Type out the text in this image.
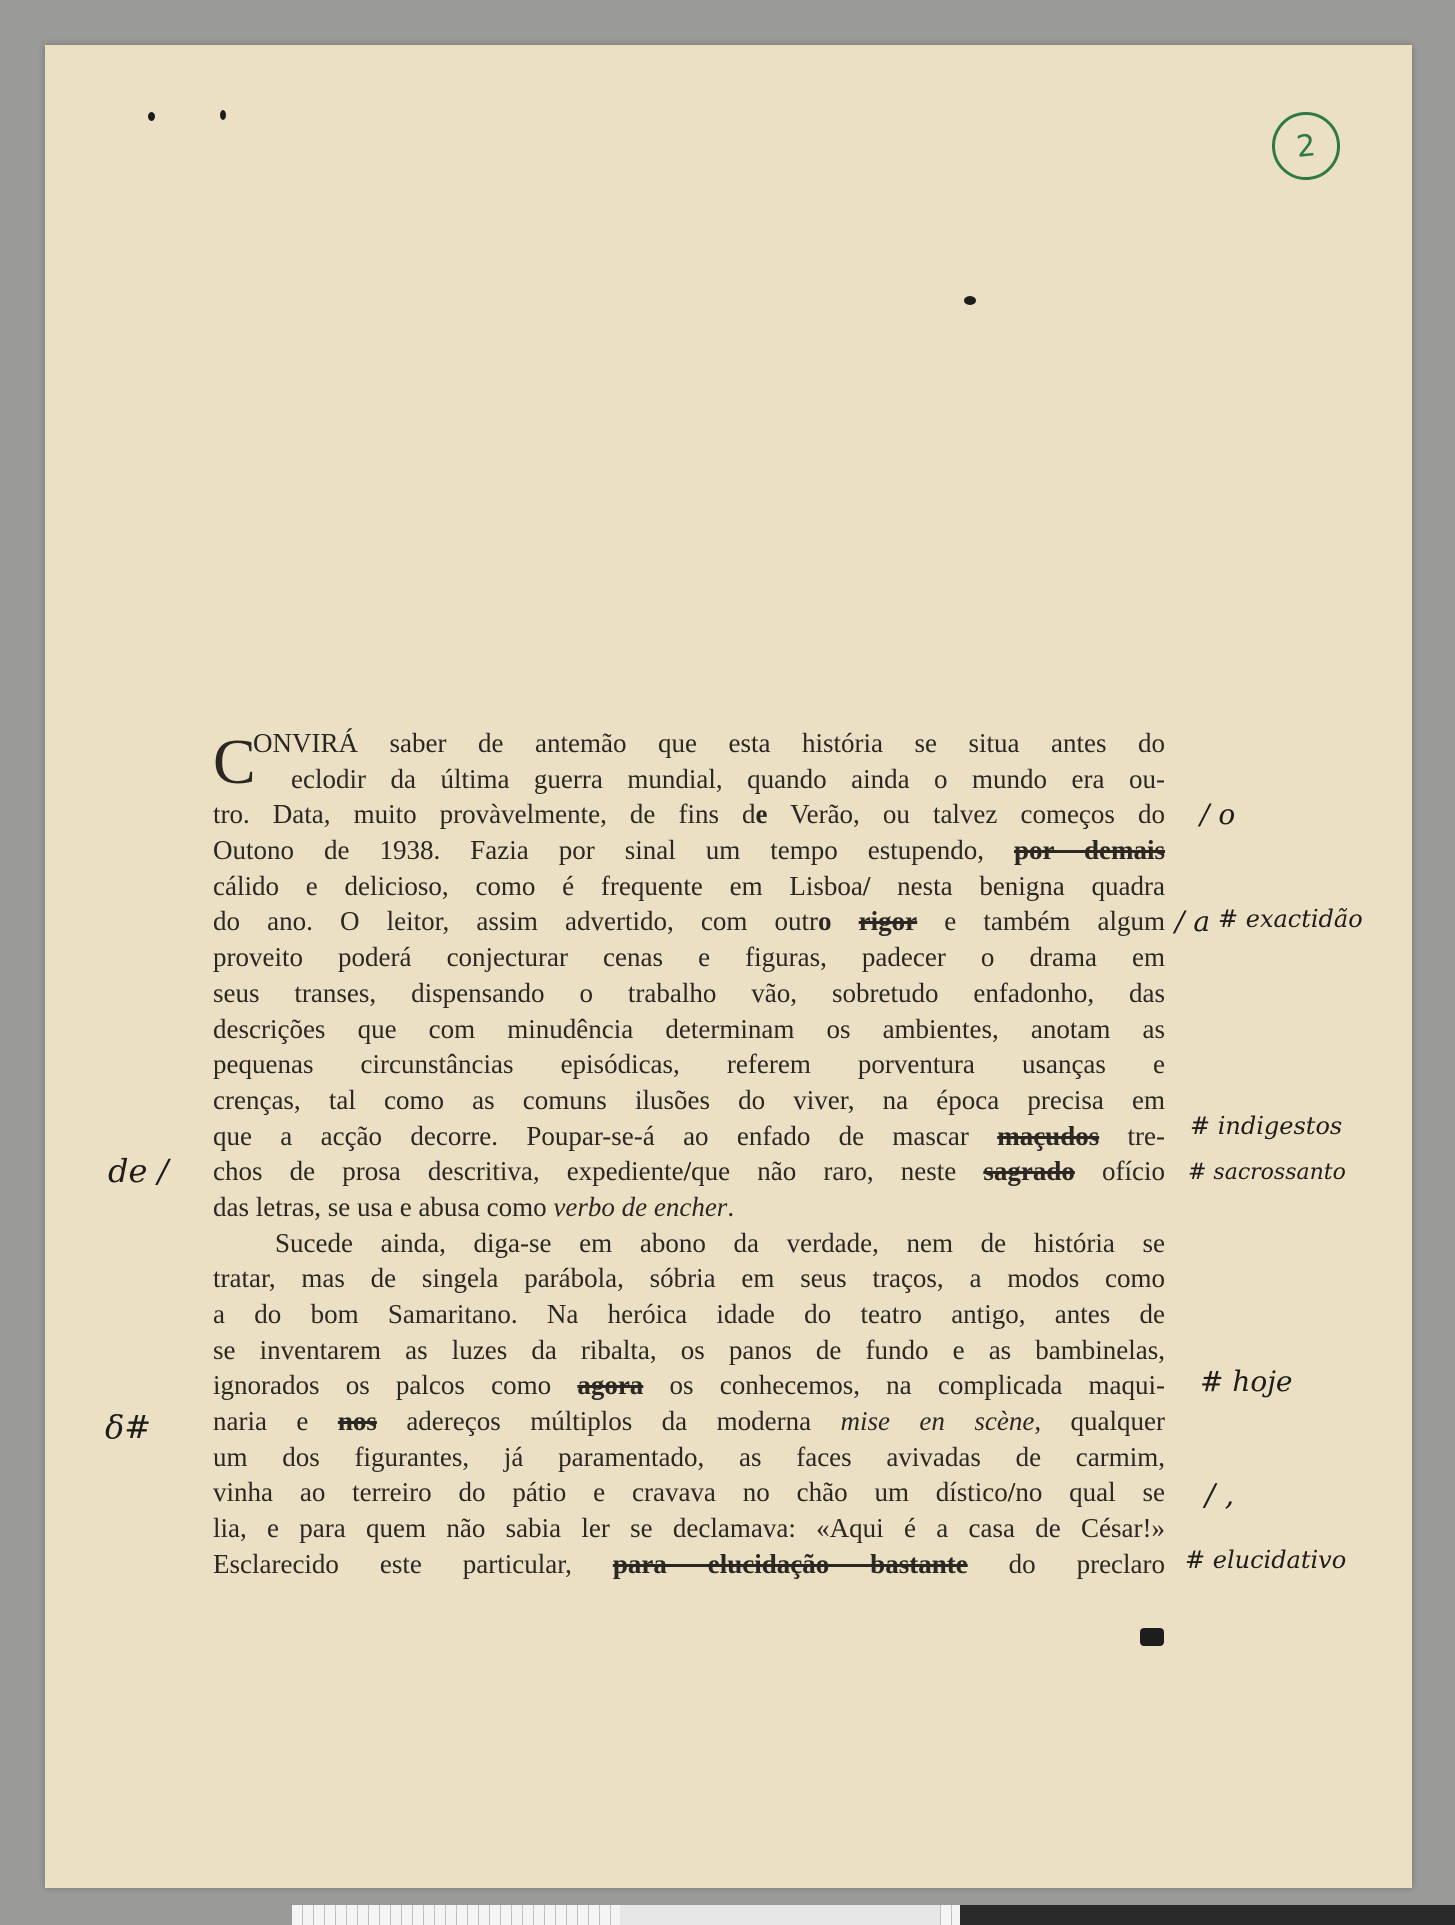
2
C
ONVIRÁ saber de antemão que esta história se situa antes do
eclodir da última guerra mundial, quando ainda o mundo era ou-
tro. Data, muito provàvelmente, de fins de Verão, ou talvez começos do
Outono de 1938. Fazia por sinal um tempo estupendo, por demais
cálido e delicioso, como é frequente em Lisboa/ nesta benigna quadra
do ano. O leitor, assim advertido, com outro rigor e também algum
proveito poderá conjecturar cenas e figuras, padecer o drama em
seus transes, dispensando o trabalho vão, sobretudo enfadonho, das
descrições que com minudência determinam os ambientes, anotam as
pequenas circunstâncias episódicas, referem porventura usanças e
crenças, tal como as comuns ilusões do viver, na época precisa em
que a acção decorre. Poupar-se-á ao enfado de mascar maçudos tre-
chos de prosa descritiva, expediente/que não raro, neste sagrado ofício
das letras, se usa e abusa como verbo de encher.
Sucede ainda, diga-se em abono da verdade, nem de história se
tratar, mas de singela parábola, sóbria em seus traços, a modos como
a do bom Samaritano. Na heróica idade do teatro antigo, antes de
se inventarem as luzes da ribalta, os panos de fundo e as bambinelas,
ignorados os palcos como agora os conhecemos, na complicada maqui-
naria e nos adereços múltiplos da moderna mise en scène, qualquer
um dos figurantes, já paramentado, as faces avivadas de carmim,
vinha ao terreiro do pátio e cravava no chão um dístico/no qual se
lia, e para quem não sabia ler se declamava: «Aqui é a casa de César!»
Esclarecido este particular, para elucidação bastante do preclaro
/ o
/ a # exactidão
# indigestos
# sacrossanto
de /
# hoje
δ#
/ ,
# elucidativo
